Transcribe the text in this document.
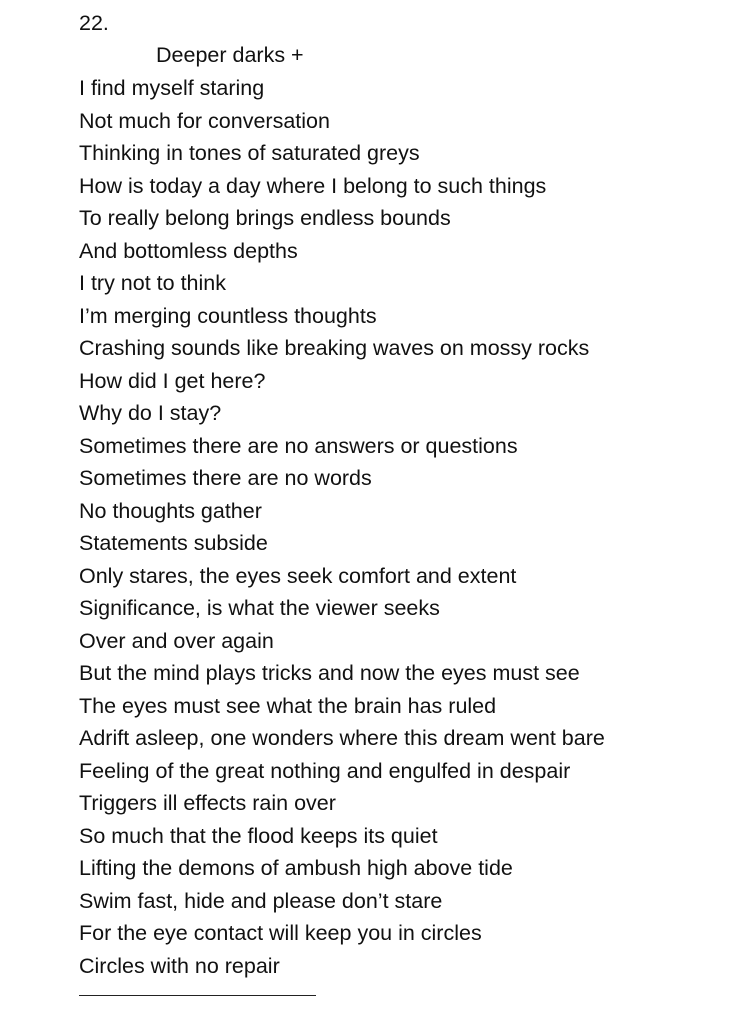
22.
Deeper darks +
I find myself staring
Not much for conversation
Thinking in tones of saturated greys
How is today a day where I belong to such things
To really belong brings endless bounds
And bottomless depths
I try not to think
I’m merging countless thoughts
Crashing sounds like breaking waves on mossy rocks
How did I get here?
Why do I stay?
Sometimes there are no answers or questions
Sometimes there are no words
No thoughts gather
Statements subside
Only stares, the eyes seek comfort and extent
Significance, is what the viewer seeks
Over and over again
But the mind plays tricks and now the eyes must see
The eyes must see what the brain has ruled
Adrift asleep, one wonders where this dream went bare
Feeling of the great nothing and engulfed in despair
Triggers ill effects rain over
So much that the flood keeps its quiet
Lifting the demons of ambush high above tide
Swim fast, hide and please don’t stare
For the eye contact will keep you in circles
Circles with no repair
